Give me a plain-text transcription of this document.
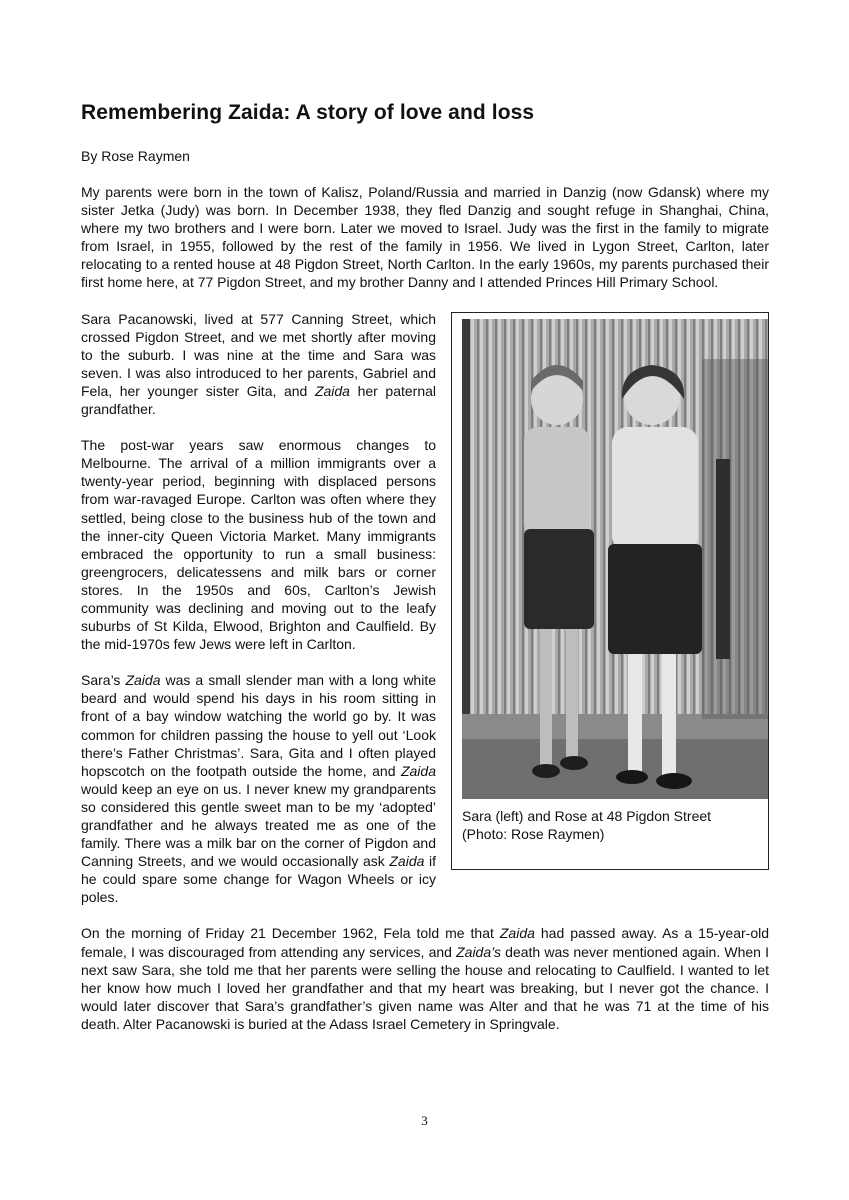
Remembering Zaida: A story of love and loss
By Rose Raymen

My parents were born in the town of Kalisz, Poland/Russia and married in Danzig (now Gdansk) where my sister Jetka (Judy) was born. In December 1938, they fled Danzig and sought refuge in Shanghai, China, where my two brothers and I were born. Later we moved to Israel. Judy was the first in the family to migrate from Israel, in 1955, followed by the rest of the family in 1956. We lived in Lygon Street, Carlton, later relocating to a rented house at 48 Pigdon Street, North Carlton. In the early 1960s, my parents purchased their first home here, at 77 Pigdon Street, and my brother Danny and I attended Princes Hill Primary School.

Sara (left) and Rose at 48 Pigdon Street
(Photo: Rose Raymen)

Sara Pacanowski, lived at 577 Canning Street, which crossed Pigdon Street, and we met shortly after moving to the suburb. I was nine at the time and Sara was seven. I was also introduced to her parents, Gabriel and Fela, her younger sister Gita, and Zaida her paternal grandfather.

The post-war years saw enormous changes to Melbourne. The arrival of a million immigrants over a twenty-year period, beginning with displaced persons from war-ravaged Europe. Carlton was often where they settled, being close to the business hub of the town and the inner-city Queen Victoria Market. Many immigrants embraced the opportunity to run a small business: greengrocers, delicatessens and milk bars or corner stores. In the 1950s and 60s, Carlton’s Jewish community was declining and moving out to the leafy suburbs of St Kilda, Elwood, Brighton and Caulfield. By the mid-1970s few Jews were left in Carlton.

Sara’s Zaida was a small slender man with a long white beard and would spend his days in his room sitting in front of a bay window watching the world go by. It was common for children passing the house to yell out ‘Look there’s Father Christmas’. Sara, Gita and I often played hopscotch on the footpath outside the home, and Zaida would keep an eye on us. I never knew my grandparents so considered this gentle sweet man to be my ‘adopted’ grandfather and he always treated me as one of the family. There was a milk bar on the corner of Pigdon and Canning Streets, and we would occasionally ask Zaida if he could spare some change for Wagon Wheels or icy poles.

On the morning of Friday 21 December 1962, Fela told me that Zaida had passed away. As a 15-year-old female, I was discouraged from attending any services, and Zaida’s death was never mentioned again. When I next saw Sara, she told me that her parents were selling the house and relocating to Caulfield. I wanted to let her know how much I loved her grandfather and that my heart was breaking, but I never got the chance. I would later discover that Sara’s grandfather’s given name was Alter and that he was 71 at the time of his death. Alter Pacanowski is buried at the Adass Israel Cemetery in Springvale.

3
